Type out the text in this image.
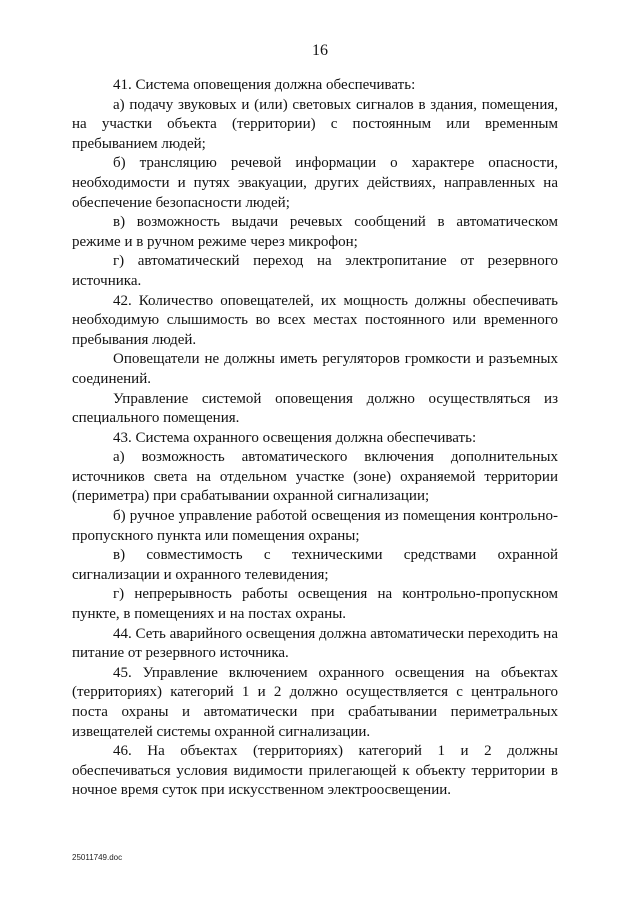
16

41. Система оповещения должна обеспечивать:

а) подачу звуковых и (или) световых сигналов в здания, помещения, на участки объекта (территории) с постоянным или временным пребыванием людей;

б) трансляцию речевой информации о характере опасности, необходимости и путях эвакуации, других действиях, направленных на обеспечение безопасности людей;

в) возможность выдачи речевых сообщений в автоматическом режиме и в ручном режиме через микрофон;

г) автоматический переход на электропитание от резервного источника.

42. Количество оповещателей, их мощность должны обеспечивать необходимую слышимость во всех местах постоянного или временного пребывания людей.

Оповещатели не должны иметь регуляторов громкости и разъемных соединений.

Управление системой оповещения должно осуществляться из специального помещения.

43. Система охранного освещения должна обеспечивать:

а) возможность автоматического включения дополнительных источников света на отдельном участке (зоне) охраняемой территории (периметра) при срабатывании охранной сигнализации;

б) ручное управление работой освещения из помещения контрольно-пропускного пункта или помещения охраны;

в) совместимость с техническими средствами охранной сигнализации и охранного телевидения;

г) непрерывность работы освещения на контрольно-пропускном пункте, в помещениях и на постах охраны.

44. Сеть аварийного освещения должна автоматически переходить на питание от резервного источника.

45. Управление включением охранного освещения на объектах (территориях) категорий 1 и 2 должно осуществляется с центрального поста охраны и автоматически при срабатывании периметральных извещателей системы охранной сигнализации.

46. На объектах (территориях) категорий 1 и 2 должны обеспечиваться условия видимости прилегающей к объекту территории в ночное время суток при искусственном электроосвещении.

25011749.doc
